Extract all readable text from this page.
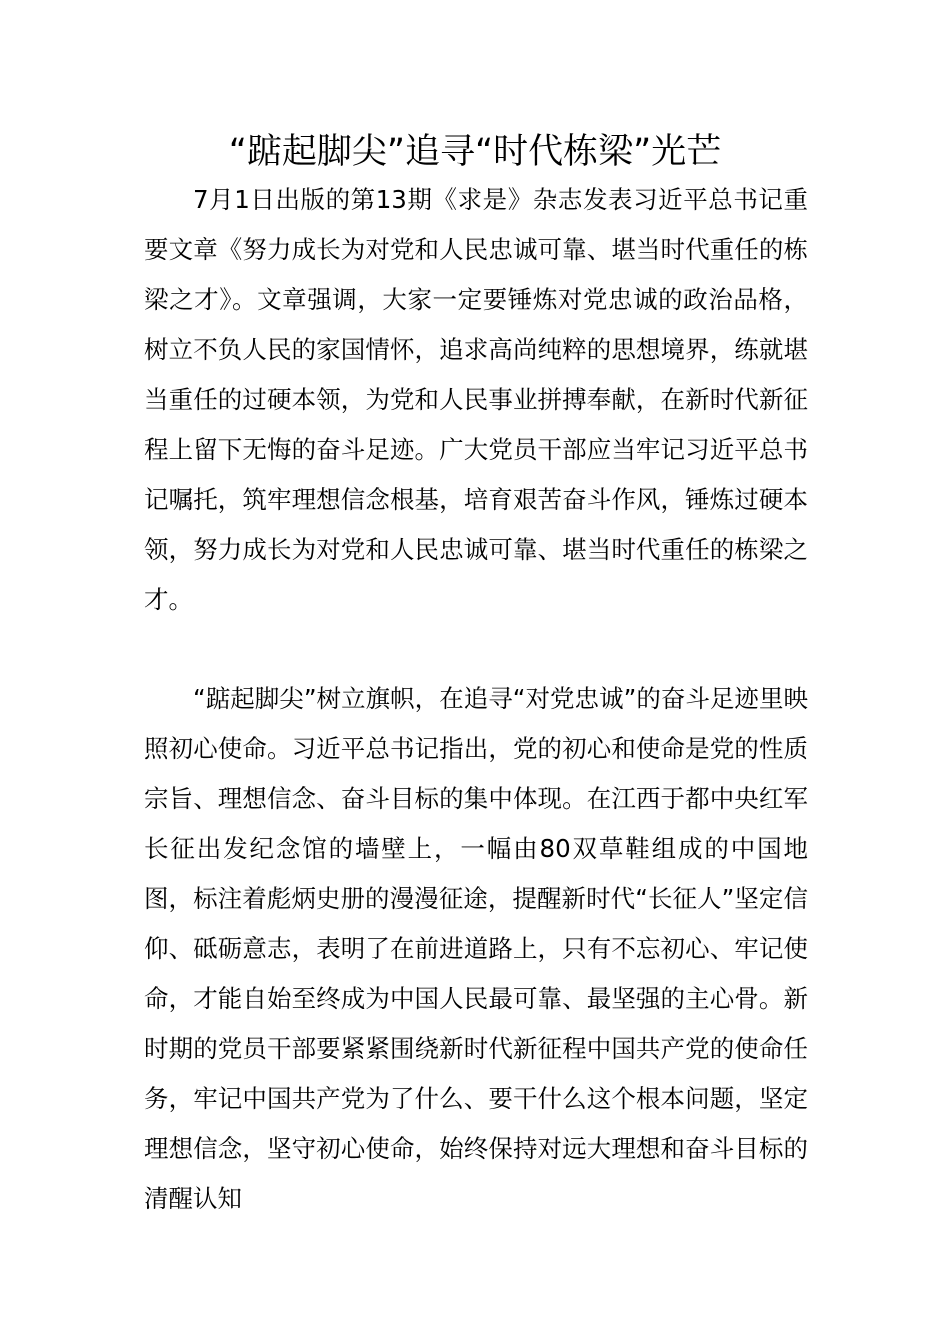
“踮起脚尖”追寻“时代栋梁”光芒

7月1日出版的第13期《求是》杂志发表习近平总书记重要文章《努力成长为对党和人民忠诚可靠、堪当时代重任的栋梁之才》。文章强调，大家一定要锤炼对党忠诚的政治品格，树立不负人民的家国情怀，追求高尚纯粹的思想境界，练就堪当重任的过硬本领，为党和人民事业拼搏奉献，在新时代新征程上留下无悔的奋斗足迹。广大党员干部应当牢记习近平总书记嘱托，筑牢理想信念根基，培育艰苦奋斗作风，锤炼过硬本领，努力成长为对党和人民忠诚可靠、堪当时代重任的栋梁之才。

“踮起脚尖”树立旗帜，在追寻“对党忠诚”的奋斗足迹里映照初心使命。习近平总书记指出，党的初心和使命是党的性质宗旨、理想信念、奋斗目标的集中体现。在江西于都中央红军长征出发纪念馆的墙壁上，一幅由80双草鞋组成的中国地图，标注着彪炳史册的漫漫征途，提醒新时代“长征人”坚定信仰、砥砺意志，表明了在前进道路上，只有不忘初心、牢记使命，才能自始至终成为中国人民最可靠、最坚强的主心骨。新时期的党员干部要紧紧围绕新时代新征程中国共产党的使命任务，牢记中国共产党为了什么、要干什么这个根本问题，坚定理想信念，坚守初心使命，始终保持对远大理想和奋斗目标的清醒认知
